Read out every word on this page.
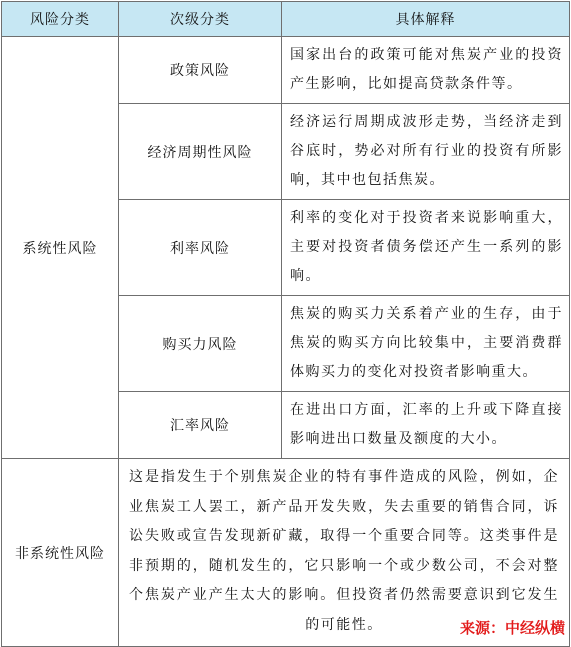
风险分类	次级分类	具体解释
系统性风险	政策风险	国家出台的政策可能对焦炭产业的投资产生影响，比如提高贷款条件等。
	经济周期性风险	经济运行周期成波形走势，当经济走到谷底时，势必对所有行业的投资有所影响，其中也包括焦炭。
	利率风险	利率的变化对于投资者来说影响重大，主要对投资者债务偿还产生一系列的影响。
	购买力风险	焦炭的购买力关系着产业的生存，由于焦炭的购买方向比较集中，主要消费群体购买力的变化对投资者影响重大。
	汇率风险	在进出口方面，汇率的上升或下降直接影响进出口数量及额度的大小。
非系统性风险	这是指发生于个别焦炭企业的特有事件造成的风险，例如，企业焦炭工人罢工，新产品开发失败，失去重要的销售合同，诉讼失败或宣告发现新矿藏，取得一个重要合同等。这类事件是非预期的，随机发生的，它只影响一个或少数公司，不会对整个焦炭产业产生太大的影响。但投资者仍然需要意识到它发生的可能性。		来源：中经纵横
